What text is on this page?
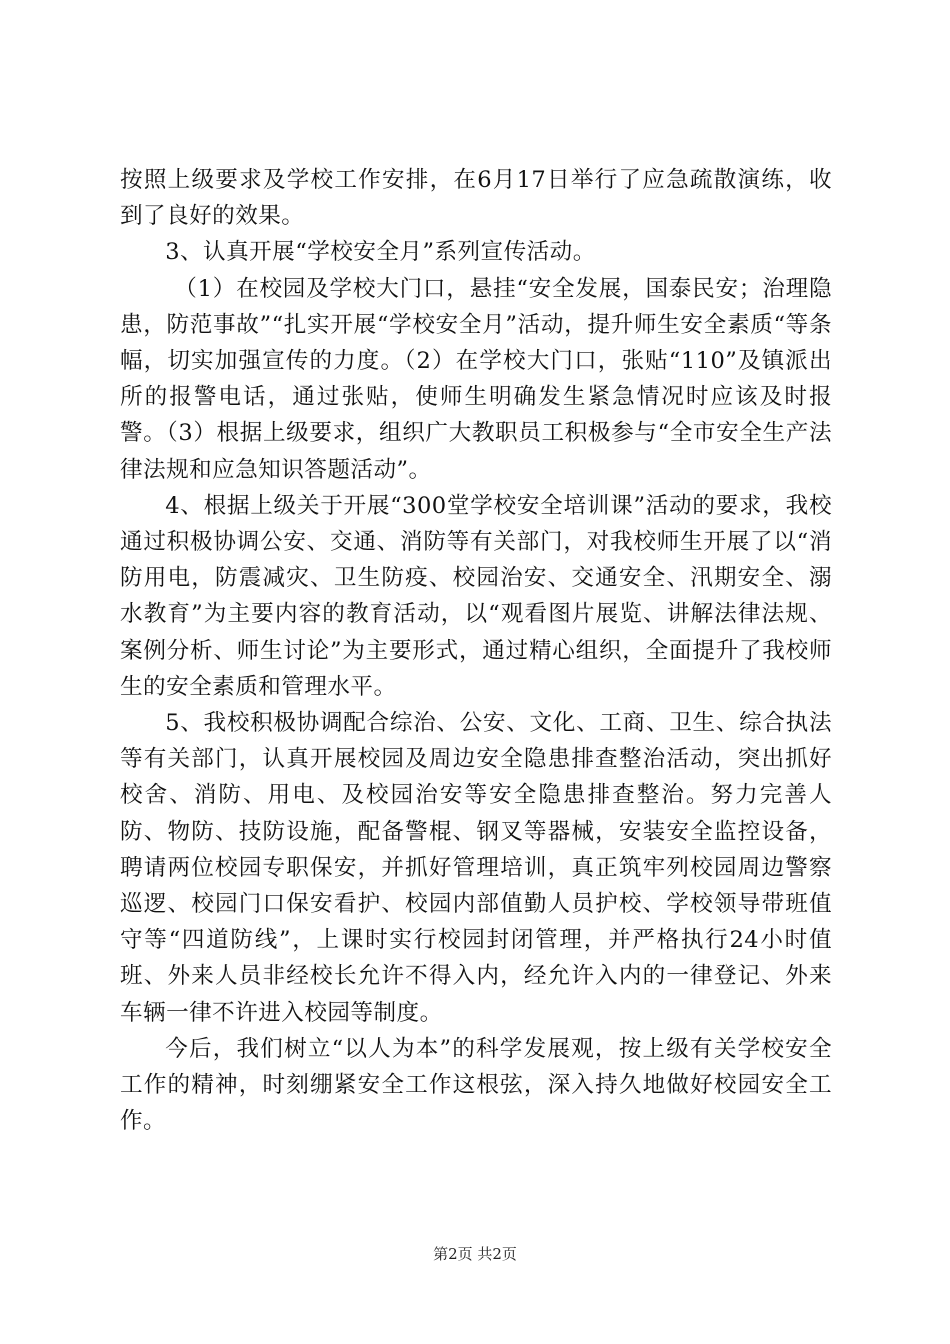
按照上级要求及学校工作安排，在6月17日举行了应急疏散演练，收到了良好的效果。

3、认真开展“学校安全月”系列宣传活动。

（1）在校园及学校大门口，悬挂“安全发展，国泰民安；治理隐患，防范事故”“扎实开展“学校安全月”活动，提升师生安全素质“等条幅，切实加强宣传的力度。（2）在学校大门口，张贴“110”及镇派出所的报警电话，通过张贴，使师生明确发生紧急情况时应该及时报警。（3）根据上级要求，组织广大教职员工积极参与“全市安全生产法律法规和应急知识答题活动”。

4、根据上级关于开展“300堂学校安全培训课”活动的要求，我校通过积极协调公安、交通、消防等有关部门，对我校师生开展了以“消防用电，防震减灾、卫生防疫、校园治安、交通安全、汛期安全、溺水教育”为主要内容的教育活动，以“观看图片展览、讲解法律法规、案例分析、师生讨论”为主要形式，通过精心组织，全面提升了我校师生的安全素质和管理水平。

5、我校积极协调配合综治、公安、文化、工商、卫生、综合执法等有关部门，认真开展校园及周边安全隐患排查整治活动，突出抓好校舍、消防、用电、及校园治安等安全隐患排查整治。努力完善人防、物防、技防设施，配备警棍、钢叉等器械，安装安全监控设备，聘请两位校园专职保安，并抓好管理培训，真正筑牢列校园周边警察巡逻、校园门口保安看护、校园内部值勤人员护校、学校领导带班值守等“四道防线”，上课时实行校园封闭管理，并严格执行24小时值班、外来人员非经校长允许不得入内，经允许入内的一律登记、外来车辆一律不许进入校园等制度。

今后，我们树立“以人为本”的科学发展观，按上级有关学校安全工作的精神，时刻绷紧安全工作这根弦，深入持久地做好校园安全工作。

第2页 共2页
